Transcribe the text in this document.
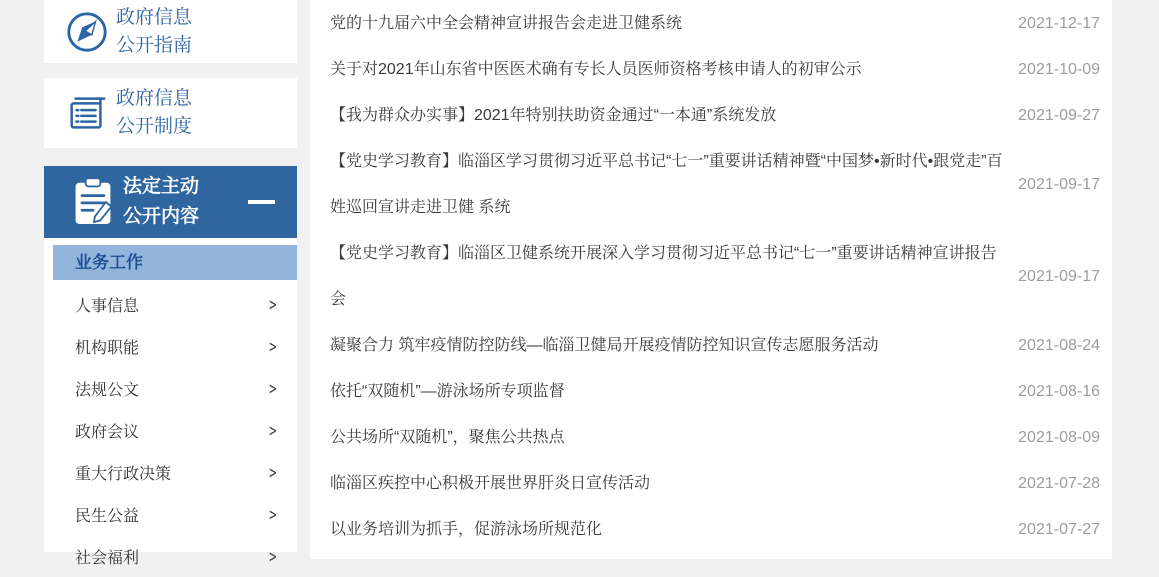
政府信息
公开指南
政府信息
公开制度
法定主动
公开内容
业务工作
人事信息	>
机构职能	>
法规公文	>
政府会议	>
重大行政决策	>
民生公益	>
社会福利	>
党的十九届六中全会精神宣讲报告会走进卫健系统	2021-12-17
关于对2021年山东省中医医术确有专长人员医师资格考核申请人的初审公示	2021-10-09
【我为群众办实事】2021年特别扶助资金通过“一本通”系统发放	2021-09-27
【党史学习教育】临淄区学习贯彻习近平总书记“七一”重要讲话精神暨“中国梦•新时代•跟党走”百姓巡回宣讲走进卫健 系统
2021-09-17
【党史学习教育】临淄区卫健系统开展深入学习贯彻习近平总书记“七一”重要讲话精神宣讲报告会
2021-09-17
凝聚合力 筑牢疫情防控防线—临淄卫健局开展疫情防控知识宣传志愿服务活动	2021-08-24
依托“双随机”—游泳场所专项监督	2021-08-16
公共场所“双随机”，聚焦公共热点	2021-08-09
临淄区疾控中心积极开展世界肝炎日宣传活动	2021-07-28
以业务培训为抓手，促游泳场所规范化	2021-07-27
